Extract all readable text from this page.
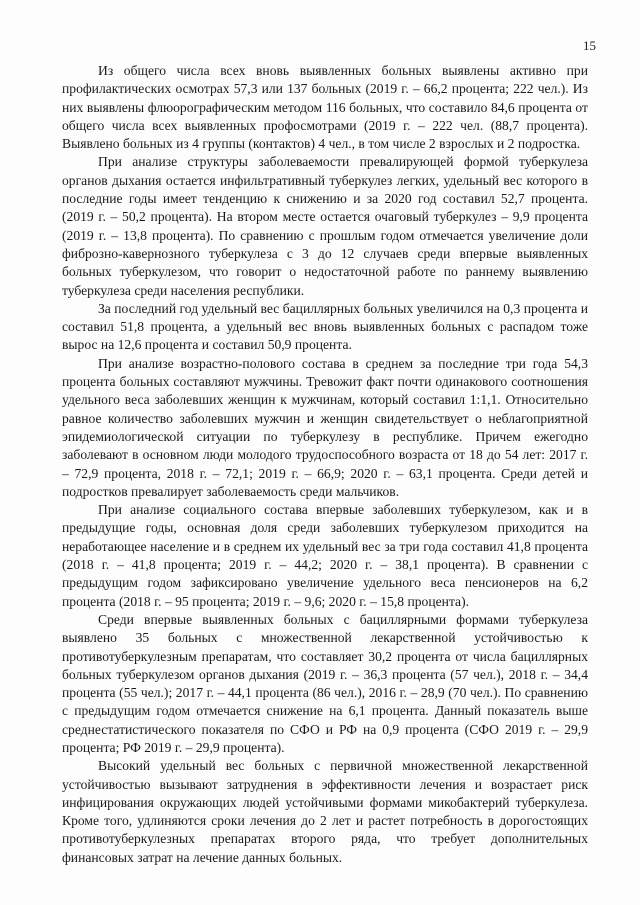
15

Из общего числа всех вновь выявленных больных выявлены активно при профилактических осмотрах 57,3 или 137 больных (2019 г. – 66,2 процента; 222 чел.). Из них выявлены флюорографическим методом 116 больных, что составило 84,6 процента от общего числа всех выявленных профосмотрами (2019 г. – 222 чел. (88,7 процента). Выявлено больных из 4 группы (контактов) 4 чел., в том числе 2 взрослых и 2 подростка.

При анализе структуры заболеваемости превалирующей формой туберкулеза органов дыхания остается инфильтративный туберкулез легких, удельный вес которого в последние годы имеет тенденцию к снижению и за 2020 год составил 52,7 процента. (2019 г. – 50,2 процента). На втором месте остается очаговый туберкулез – 9,9 процента (2019 г. – 13,8 процента). По сравнению с прошлым годом отмечается увеличение доли фиброзно-кавернозного туберкулеза с 3 до 12 случаев среди впервые выявленных больных туберкулезом, что говорит о недостаточной работе по раннему выявлению туберкулеза среди населения республики.

За последний год удельный вес бациллярных больных увеличился на 0,3 процента и составил 51,8 процента, а удельный вес вновь выявленных больных с распадом тоже вырос на 12,6 процента и составил 50,9 процента.

При анализе возрастно-полового состава в среднем за последние три года 54,3 процента больных составляют мужчины. Тревожит факт почти одинакового соотношения удельного веса заболевших женщин к мужчинам, который составил 1:1,1. Относительно равное количество заболевших мужчин и женщин свидетельствует о неблагоприятной эпидемиологической ситуации по туберкулезу в республике. Причем ежегодно заболевают в основном люди молодого трудоспособного возраста от 18 до 54 лет: 2017 г. – 72,9 процента, 2018 г. – 72,1; 2019 г. – 66,9; 2020 г. – 63,1 процента. Среди детей и подростков превалирует заболеваемость среди мальчиков.

При анализе социального состава впервые заболевших туберкулезом, как и в предыдущие годы, основная доля среди заболевших туберкулезом приходится на неработающее население и в среднем их удельный вес за три года составил 41,8 процента (2018 г. – 41,8 процента; 2019 г. – 44,2; 2020 г. – 38,1 процента). В сравнении с предыдущим годом зафиксировано увеличение удельного веса пенсионеров на 6,2 процента (2018 г. – 95 процента; 2019 г. – 9,6; 2020 г. – 15,8 процента).

Среди впервые выявленных больных с бациллярными формами туберкулеза выявлено 35 больных с множественной лекарственной устойчивостью к противотуберкулезным препаратам, что составляет 30,2 процента от числа бациллярных больных туберкулезом органов дыхания (2019 г. – 36,3 процента (57 чел.), 2018 г. – 34,4 процента (55 чел.); 2017 г. – 44,1 процента (86 чел.), 2016 г. – 28,9 (70 чел.). По сравнению с предыдущим годом отмечается снижение на 6,1 процента. Данный показатель выше среднестатистического показателя по СФО и РФ на 0,9 процента (СФО 2019 г. – 29,9 процента; РФ 2019 г. – 29,9 процента).

Высокий удельный вес больных с первичной множественной лекарственной устойчивостью вызывают затруднения в эффективности лечения и возрастает риск инфицирования окружающих людей устойчивыми формами микобактерий туберкулеза. Кроме того, удлиняются сроки лечения до 2 лет и растет потребность в дорогостоящих противотуберкулезных препаратах второго ряда, что требует дополнительных финансовых затрат на лечение данных больных.
